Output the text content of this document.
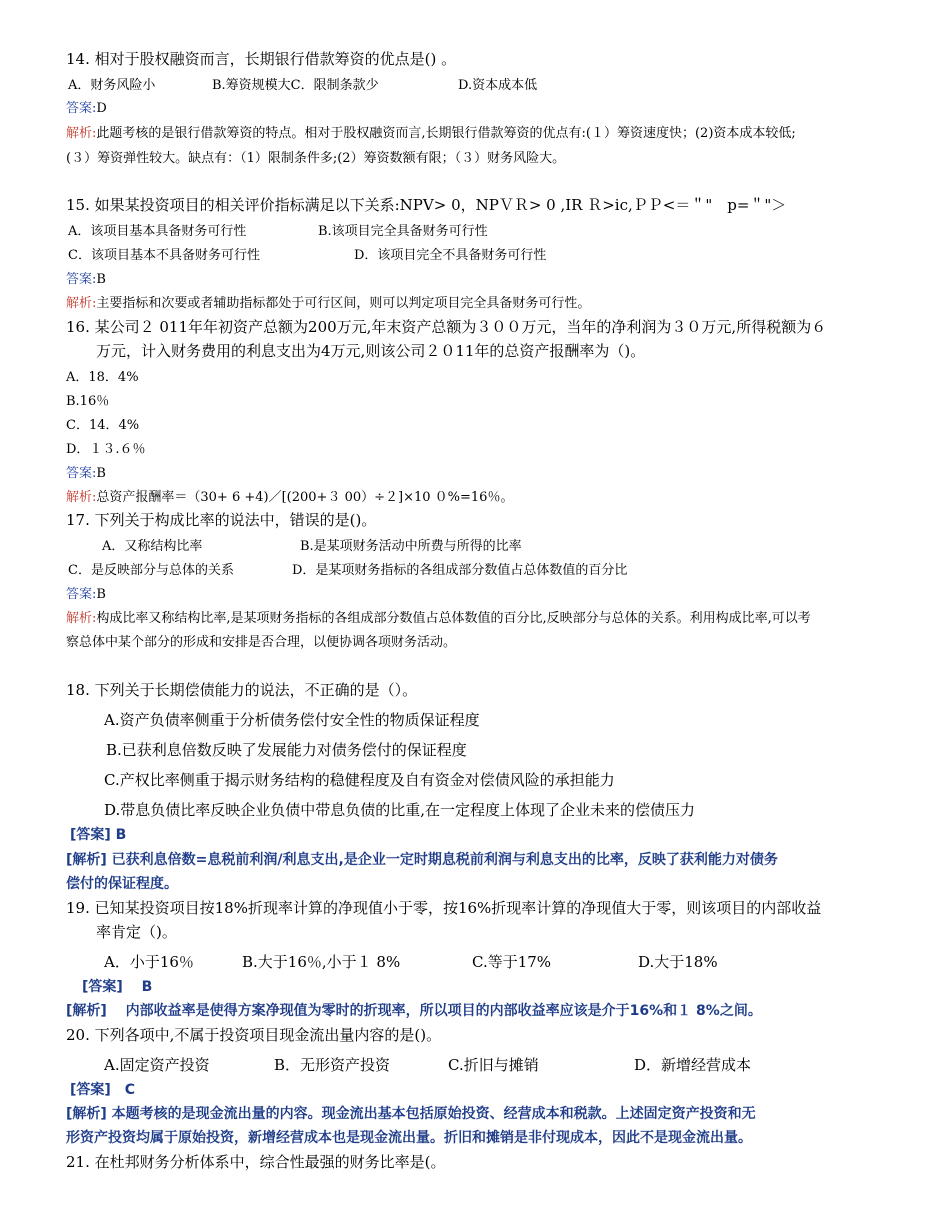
14. 相对于股权融资而言，长期银行借款筹资的优点是() 。
A．财务风险小	B.筹资规模大C．限制条款少	D.资本成本低
答案:D
解析:此题考核的是银行借款筹资的特点。相对于股权融资而言,长期银行借款筹资的优点有:(１）筹资速度快；(2)资本成本较低;
(３）筹资弹性较大。缺点有：（1）限制条件多;(2）筹资数额有限；（３）财务风险大。
15. 如果某投资项目的相关评价指标满足以下关系:NPV> 0，NPＶＲ> 0 ,IR Ｒ>ic,ＰＰ<＝＂"　p=＂"＞
A．该项目基本具备财务可行性	B.该项目完全具备财务可行性
C．该项目基本不具备财务可行性	D．该项目完全不具备财务可行性
答案:B
解析:主要指标和次要或者辅助指标都处于可行区间，则可以判定项目完全具备财务可行性。
16. 某公司２ 011年年初资产总额为200万元,年末资产总额为３００万元，当年的净利润为３０万元,所得税额为６
万元，计入财务费用的利息支出为4万元,则该公司２０11年的总资产报酬率为（)。
A．18．4%
B.16％
C．14．4%
D．１３.６％
答案:B
解析:总资产报酬率＝（30+ 6 +4)／[(200+３ 00）÷２]×10 ０%=16％。
17. 下列关于构成比率的说法中，错误的是()。
A．又称结构比率	B.是某项财务活动中所费与所得的比率
C．是反映部分与总体的关系	D．是某项财务指标的各组成部分数值占总体数值的百分比
答案:B
解析:构成比率又称结构比率,是某项财务指标的各组成部分数值占总体数值的百分比,反映部分与总体的关系。利用构成比率,可以考
察总体中某个部分的形成和安排是否合理，以便协调各项财务活动。
18. 下列关于长期偿债能力的说法，不正确的是（）。
A.资产负债率侧重于分析债务偿付安全性的物质保证程度
B.已获利息倍数反映了发展能力对债务偿付的保证程度
C.产权比率侧重于揭示财务结构的稳健程度及自有资金对偿债风险的承担能力
D.带息负债比率反映企业负债中带息负债的比重,在一定程度上体现了企业未来的偿债压力
[答案] B
[解析] 已获利息倍数=息税前利润/利息支出,是企业一定时期息税前利润与利息支出的比率，反映了获利能力对债务
偿付的保证程度。
19. 已知某投资项目按18%折现率计算的净现值小于零，按16%折现率计算的净现值大于零，则该项目的内部收益
率肯定（)。
A．小于16％	B.大于16％,小于１ 8%	C.等于17%	D.大于18%
[答案]　 B
[解析]　 内部收益率是使得方案净现值为零时的折现率，所以项目的内部收益率应该是介于16%和１ 8%之间。
20. 下列各项中,不属于投资项目现金流出量内容的是()。
A.固定资产投资	B．无形资产投资	C.折旧与摊销	D．新增经营成本
[答案]　C
[解析] 本题考核的是现金流出量的内容。现金流出基本包括原始投资、经营成本和税款。上述固定资产投资和无
形资产投资均属于原始投资，新增经营成本也是现金流出量。折旧和摊销是非付现成本，因此不是现金流出量。
21. 在杜邦财务分析体系中，综合性最强的财务比率是(。
